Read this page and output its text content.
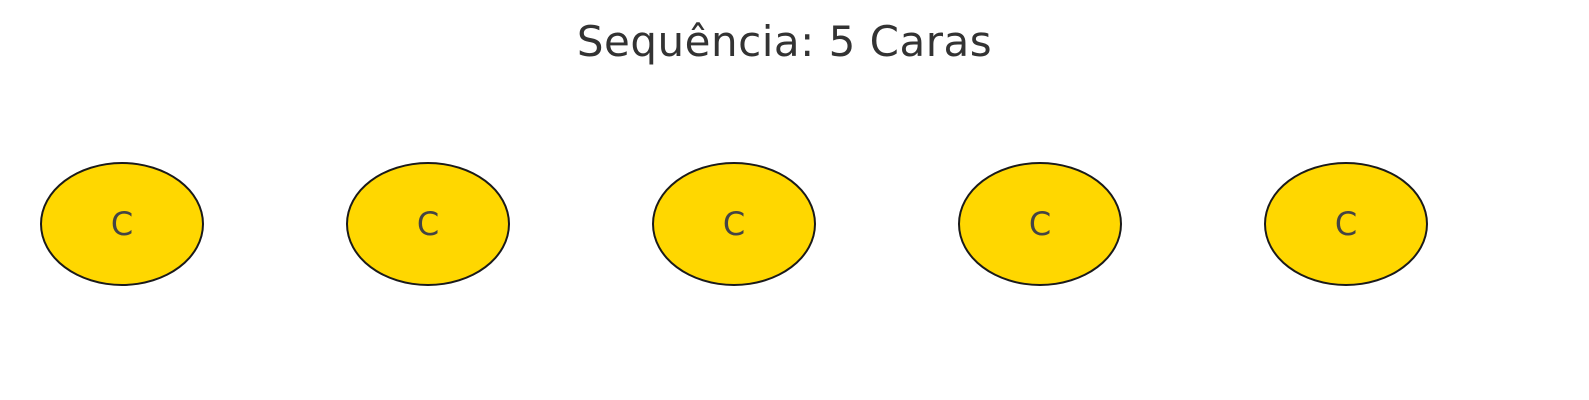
Sequência: 5 Caras
C	C	C	C	C
